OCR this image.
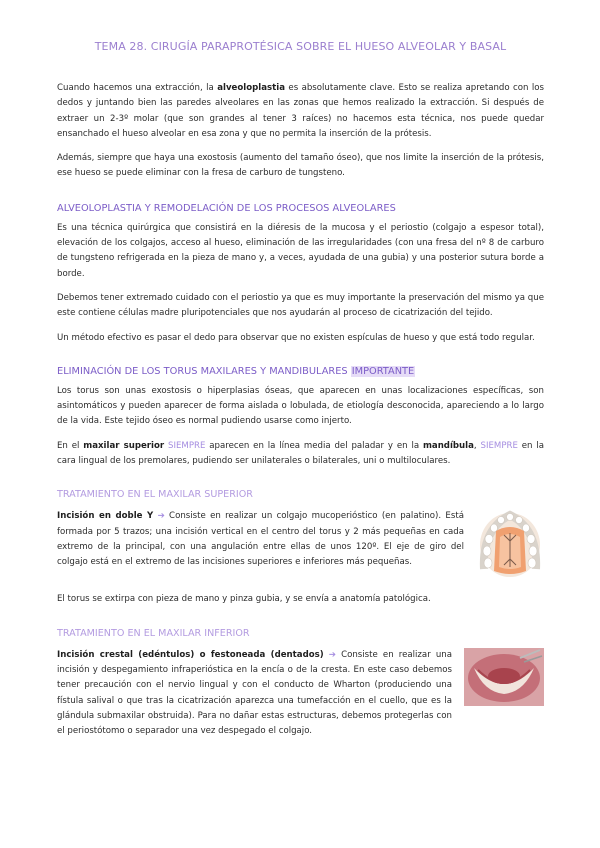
TEMA 28. CIRUGÍA PARAPROTÉSICA SOBRE EL HUESO ALVEOLAR Y BASAL

Cuando hacemos una extracción, la alveoloplastia es absolutamente clave. Esto se realiza apretando con los dedos y juntando bien las paredes alveolares en las zonas que hemos realizado la extracción. Si después de extraer un 2-3º molar (que son grandes al tener 3 raíces) no hacemos esta técnica, nos puede quedar ensanchado el hueso alveolar en esa zona y que no permita la inserción de la prótesis.

Además, siempre que haya una exostosis (aumento del tamaño óseo), que nos limite la inserción de la prótesis, ese hueso se puede eliminar con la fresa de carburo de tungsteno.

ALVEOLOPLASTIA Y REMODELACIÓN DE LOS PROCESOS ALVEOLARES

Es una técnica quirúrgica que consistirá en la diéresis de la mucosa y el periostio (colgajo a espesor total), elevación de los colgajos, acceso al hueso, eliminación de las irregularidades (con una fresa del nº 8 de carburo de tungsteno refrigerada en la pieza de mano y, a veces, ayudada de una gubia) y una posterior sutura borde a borde.

Debemos tener extremado cuidado con el periostio ya que es muy importante la preservación del mismo ya que este contiene células madre pluripotenciales que nos ayudarán al proceso de cicatrización del tejido.

Un método efectivo es pasar el dedo para observar que no existen espículas de hueso y que está todo regular.

ELIMINACIÓN DE LOS TORUS MAXILARES Y MANDIBULARES IMPORTANTE

Los torus son unas exostosis o hiperplasias óseas, que aparecen en unas localizaciones específicas, son asintomáticos y pueden aparecer de forma aislada o lobulada, de etiología desconocida, apareciendo a lo largo de la vida. Este tejido óseo es normal pudiendo usarse como injerto.

En el maxilar superior SIEMPRE aparecen en la línea media del paladar y en la mandíbula, SIEMPRE en la cara lingual de los premolares, pudiendo ser unilaterales o bilaterales, uni o multiloculares.

TRATAMIENTO EN EL MAXILAR SUPERIOR

Incisión en doble Y ➔ Consiste en realizar un colgajo mucoperióstico (en palatino). Está formada por 5 trazos; una incisión vertical en el centro del torus y 2 más pequeñas en cada extremo de la principal, con una angulación entre ellas de unos 120º. El eje de giro del colgajo está en el extremo de las incisiones superiores e inferiores más pequeñas.

El torus se extirpa con pieza de mano y pinza gubia, y se envía a anatomía patológica.

TRATAMIENTO EN EL MAXILAR INFERIOR

Incisión crestal (edéntulos) o festoneada (dentados) ➔ Consiste en realizar una incisión y despegamiento infraperióstica en la encía o de la cresta. En este caso debemos tener precaución con el nervio lingual y con el conducto de Wharton (produciendo una fístula salival o que tras la cicatrización aparezca una tumefacción en el cuello, que es la glándula submaxilar obstruida). Para no dañar estas estructuras, debemos protegerlas con el periostótomo o separador una vez despegado el colgajo.
